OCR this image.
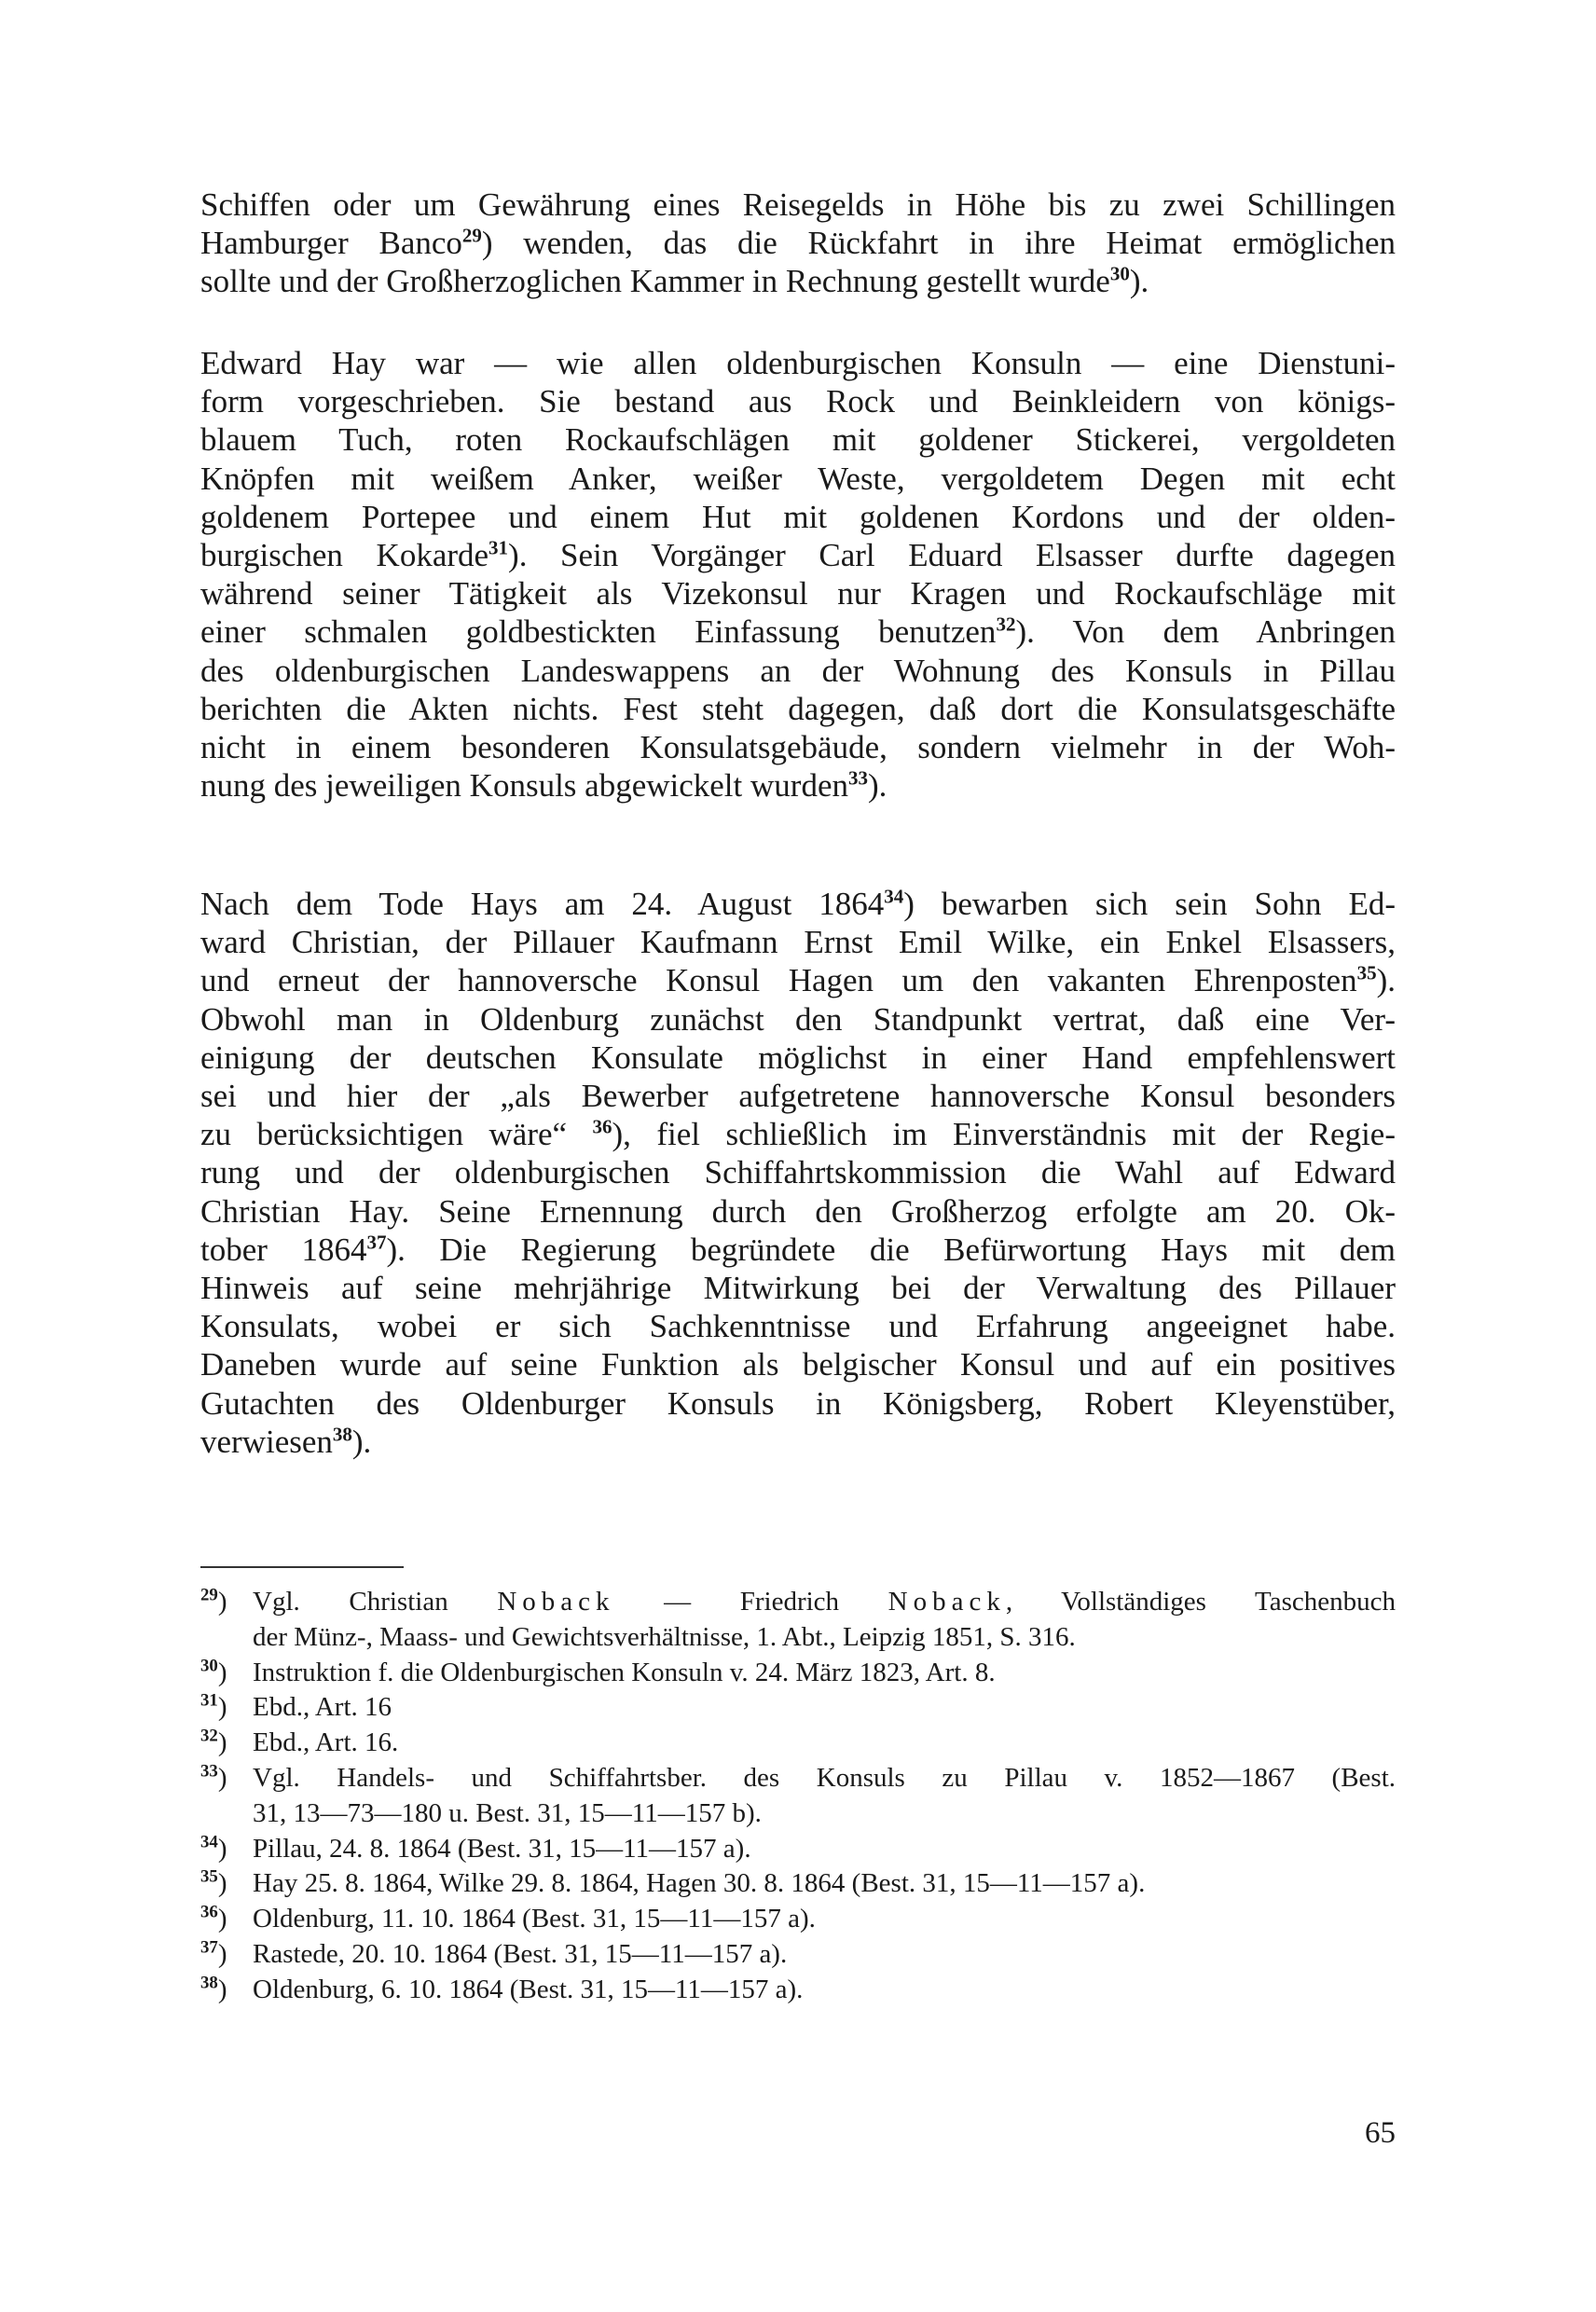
Schiffen oder um Gewährung eines Reisegelds in Höhe bis zu zwei Schillingen
Hamburger Banco$^{29}$) wenden, das die Rückfahrt in ihre Heimat ermöglichen
sollte und der Großherzoglichen Kammer in Rechnung gestellt wurde$^{30}$).
Edward Hay war — wie allen oldenburgischen Konsuln — eine Dienstuni-
form vorgeschrieben. Sie bestand aus Rock und Beinkleidern von königs-
blauem Tuch, roten Rockaufschlägen mit goldener Stickerei, vergoldeten
Knöpfen mit weißem Anker, weißer Weste, vergoldetem Degen mit echt
goldenem Portepee und einem Hut mit goldenen Kordons und der olden-
burgischen Kokarde$^{31}$). Sein Vorgänger Carl Eduard Elsasser durfte dagegen
während seiner Tätigkeit als Vizekonsul nur Kragen und Rockaufschläge mit
einer schmalen goldbestickten Einfassung benutzen$^{32}$). Von dem Anbringen
des oldenburgischen Landeswappens an der Wohnung des Konsuls in Pillau
berichten die Akten nichts. Fest steht dagegen, daß dort die Konsulatsgeschäfte
nicht in einem besonderen Konsulatsgebäude, sondern vielmehr in der Woh-
nung des jeweiligen Konsuls abgewickelt wurden$^{33}$).
Nach dem Tode Hays am 24. August 1864$^{34}$) bewarben sich sein Sohn Ed-
ward Christian, der Pillauer Kaufmann Ernst Emil Wilke, ein Enkel Elsassers,
und erneut der hannoversche Konsul Hagen um den vakanten Ehrenposten$^{35}$).
Obwohl man in Oldenburg zunächst den Standpunkt vertrat, daß eine Ver-
einigung der deutschen Konsulate möglichst in einer Hand empfehlenswert
sei und hier der „als Bewerber aufgetretene hannoversche Konsul besonders
zu berücksichtigen wäre“ $^{36}$), fiel schließlich im Einverständnis mit der Regie-
rung und der oldenburgischen Schiffahrtskommission die Wahl auf Edward
Christian Hay. Seine Ernennung durch den Großherzog erfolgte am 20. Ok-
tober 1864$^{37}$). Die Regierung begründete die Befürwortung Hays mit dem
Hinweis auf seine mehrjährige Mitwirkung bei der Verwaltung des Pillauer
Konsulats, wobei er sich Sachkenntnisse und Erfahrung angeeignet habe.
Daneben wurde auf seine Funktion als belgischer Konsul und auf ein positives
Gutachten des Oldenburger Konsuls in Königsberg, Robert Kleyenstüber,
verwiesen$^{38}$).
$^{29}$) Vgl. Christian Noback — Friedrich Noback, Vollständiges Taschenbuch
der Münz-, Maass- und Gewichtsverhältnisse, 1. Abt., Leipzig 1851, S. 316.
$^{30}$) Instruktion f. die Oldenburgischen Konsuln v. 24. März 1823, Art. 8.
$^{31}$) Ebd., Art. 16
$^{32}$) Ebd., Art. 16.
$^{33}$) Vgl. Handels- und Schiffahrtsber. des Konsuls zu Pillau v. 1852—1867 (Best.
31, 13—73—180 u. Best. 31, 15—11—157 b).
$^{34}$) Pillau, 24. 8. 1864 (Best. 31, 15—11—157 a).
$^{35}$) Hay 25. 8. 1864, Wilke 29. 8. 1864, Hagen 30. 8. 1864 (Best. 31, 15—11—157 a).
$^{36}$) Oldenburg, 11. 10. 1864 (Best. 31, 15—11—157 a).
$^{37}$) Rastede, 20. 10. 1864 (Best. 31, 15—11—157 a).
$^{38}$) Oldenburg, 6. 10. 1864 (Best. 31, 15—11—157 a).
65
